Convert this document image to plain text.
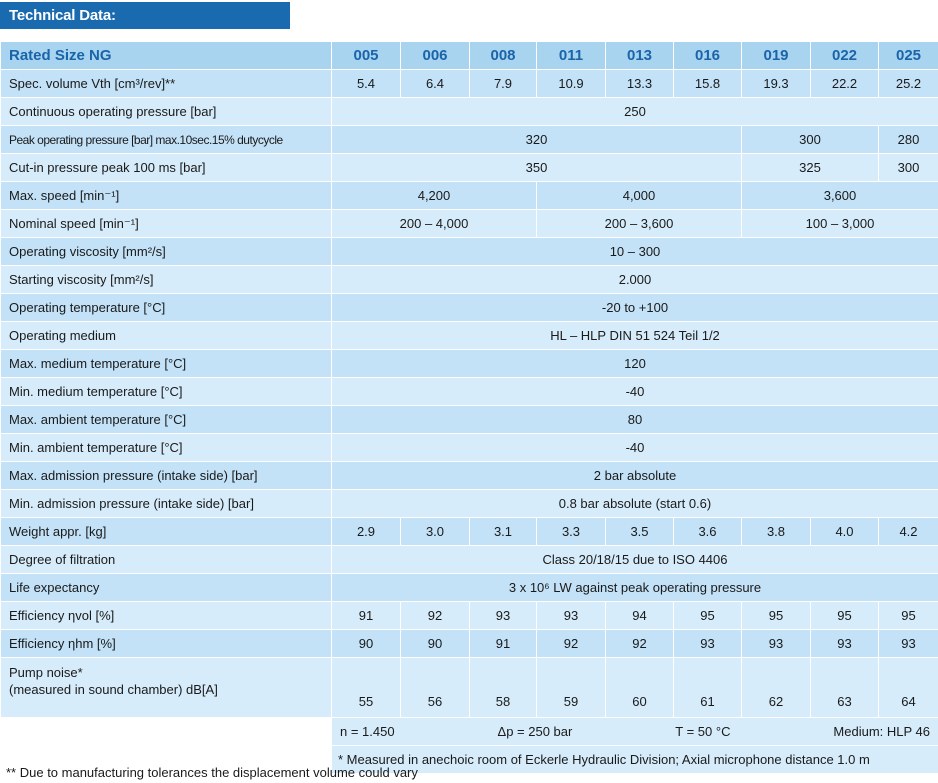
Technical Data:
Rated Size NG	005	006	008	011	013	016	019	022	025
Spec. volume Vth [cm³/rev]**	5.4	6.4	7.9	10.9	13.3	15.8	19.3	22.2	25.2
Continuous operating pressure [bar]	250								
Peak operating pressure [bar] max.10sec.15% dutycycle	320						300		280
Cut-in pressure peak 100 ms [bar]	350						325		300
Max. speed [min⁻¹]	4,200			4,000			3,600		
Nominal speed [min⁻¹]	200 – 4,000			200 – 3,600			100 – 3,000		
Operating viscosity [mm²/s]	10 – 300								
Starting viscosity [mm²/s]	2.000								
Operating temperature [°C]	-20 to +100								
Operating medium	HL – HLP DIN 51 524 Teil 1/2								
Max. medium temperature [°C]	120								
Min. medium temperature [°C]	-40								
Max. ambient temperature [°C]	80								
Min. ambient temperature [°C]	-40								
Max. admission pressure (intake side) [bar]	2 bar absolute								
Min. admission pressure (intake side) [bar]	0.8 bar absolute (start 0.6)								
Weight appr. [kg]	2.9	3.0	3.1	3.3	3.5	3.6	3.8	4.0	4.2
Degree of filtration	Class 20/18/15 due to ISO 4406								
Life expectancy	3 x 10⁶ LW against peak operating pressure								
Efficiency ηvol [%]	91	92	93	93	94	95	95	95	95
Efficiency ηhm [%]	90	90	91	92	92	93	93	93	93

Pump noise*
(measured in sound chamber) dB[A]	55	56	58	59	60	61	62	63	64

	n = 1.450 Δp = 250 bar T = 50 °C Medium: HLP 46								

	* Measured in anechoic room of Eckerle Hydraulic Division; Axial microphone distance 1.0 m								
** Due to manufacturing tolerances the displacement volume could vary
